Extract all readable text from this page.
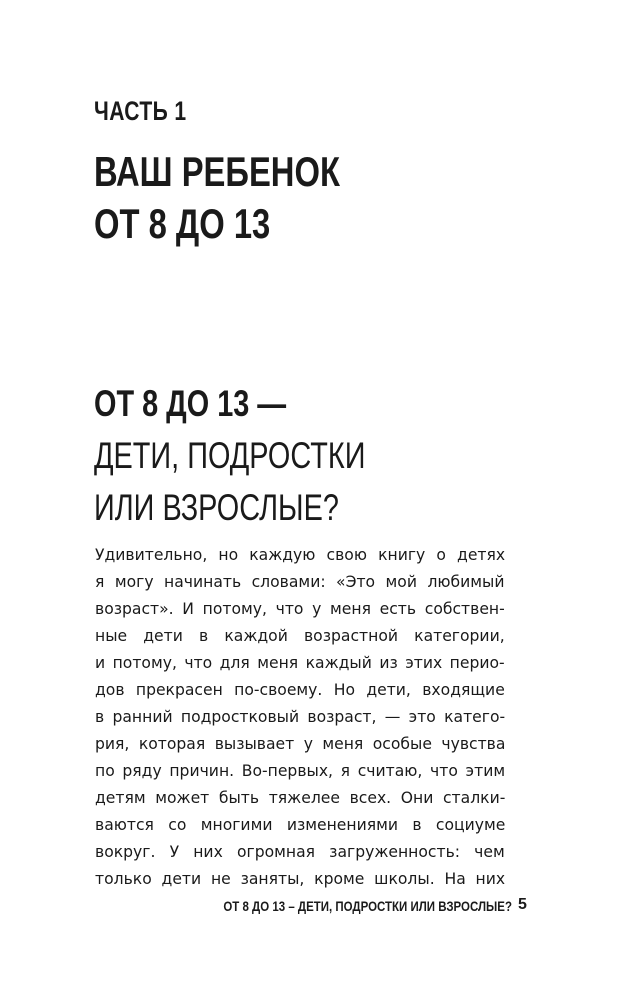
ЧАСТЬ 1
ВАШ РЕБЕНОК
ОТ 8 ДО 13
ОТ 8 ДО 13 —
ДЕТИ, ПОДРОСТКИ
ИЛИ ВЗРОСЛЫЕ?
Удивительно, но каждую свою книгу о детях
я могу начинать словами: «Это мой любимый
возраст». И потому, что у меня есть собствен-
ные дети в каждой возрастной категории,
и потому, что для меня каждый из этих перио-
дов прекрасен по-своему. Но дети, входящие
в ранний подростковый возраст, — это катего-
рия, которая вызывает у меня особые чувства
по ряду причин. Во-первых, я считаю, что этим
детям может быть тяжелее всех. Они сталки-
ваются со многими изменениями в социуме
вокруг. У них огромная загруженность: чем
только дети не заняты, кроме школы. На них
ОТ 8 ДО 13 – ДЕТИ, ПОДРОСТКИ ИЛИ ВЗРОСЛЫЕ? 5
